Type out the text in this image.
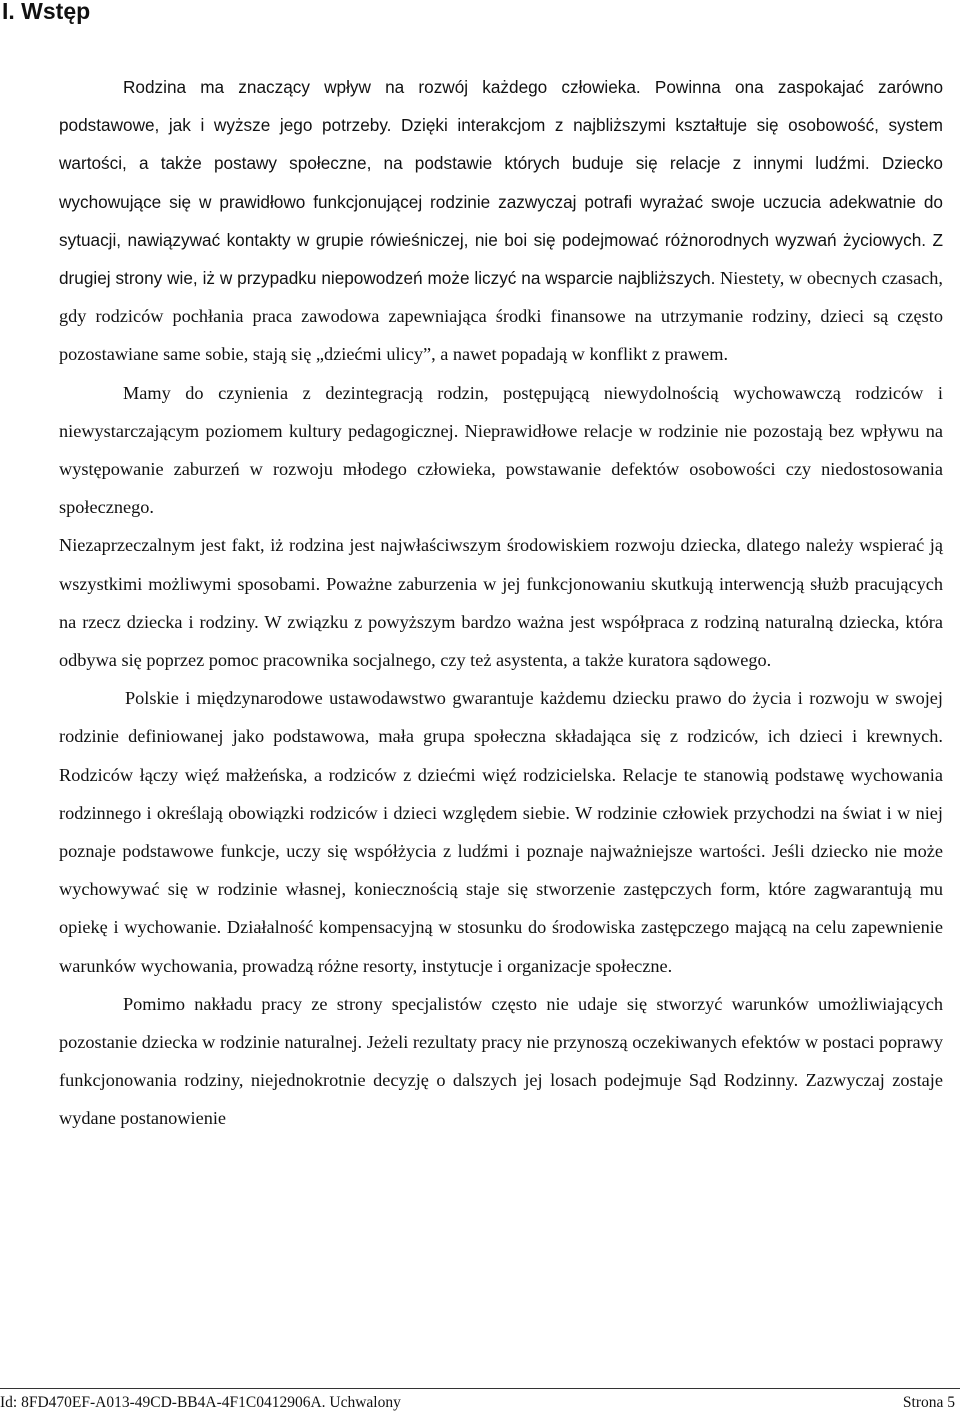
I. Wstęp

Rodzina ma znaczący wpływ na rozwój każdego człowieka. Powinna ona zaspokajać zarówno podstawowe, jak i wyższe jego potrzeby. Dzięki interakcjom z najbliższymi kształtuje się osobowość, system wartości, a także postawy społeczne, na podstawie których buduje się relacje z innymi ludźmi. Dziecko wychowujące się w prawidłowo funkcjonującej rodzinie zazwyczaj potrafi wyrażać swoje uczucia adekwatnie do sytuacji, nawiązywać kontakty w grupie rówieśniczej, nie boi się podejmować różnorodnych wyzwań życiowych. Z drugiej strony wie, iż w przypadku niepowodzeń może liczyć na wsparcie najbliższych. Niestety, w obecnych czasach, gdy rodziców pochłania praca zawodowa zapewniająca środki finansowe na utrzymanie rodziny, dzieci są często pozostawiane same sobie, stają się „dziećmi ulicy”, a nawet popadają w konflikt z prawem.

Mamy do czynienia z dezintegracją rodzin, postępującą niewydolnością wychowawczą rodziców i niewystarczającym poziomem kultury pedagogicznej. Nieprawidłowe relacje w rodzinie nie pozostają bez wpływu na występowanie zaburzeń w rozwoju młodego człowieka, powstawanie defektów osobowości czy niedostosowania społecznego.

Niezaprzeczalnym jest fakt, iż rodzina jest najwłaściwszym środowiskiem rozwoju dziecka, dlatego należy wspierać ją wszystkimi możliwymi sposobami. Poważne zaburzenia w jej funkcjonowaniu skutkują interwencją służb pracujących na rzecz dziecka i rodziny. W związku z powyższym bardzo ważna jest współpraca z rodziną naturalną dziecka, która odbywa się poprzez pomoc pracownika socjalnego, czy też asystenta, a także kuratora sądowego.

Polskie i międzynarodowe ustawodawstwo gwarantuje każdemu dziecku prawo do życia i rozwoju w swojej rodzinie definiowanej jako podstawowa, mała grupa społeczna składająca się z rodziców, ich dzieci i krewnych. Rodziców łączy więź małżeńska, a rodziców z dziećmi więź rodzicielska. Relacje te stanowią podstawę wychowania rodzinnego i określają obowiązki rodziców i dzieci względem siebie. W rodzinie człowiek przychodzi na świat i w niej poznaje podstawowe funkcje, uczy się współżycia z ludźmi i poznaje najważniejsze wartości. Jeśli dziecko nie może wychowywać się w rodzinie własnej, koniecznością staje się stworzenie zastępczych form, które zagwarantują mu opiekę i wychowanie. Działalność kompensacyjną w stosunku do środowiska zastępczego mającą na celu zapewnienie warunków wychowania, prowadzą różne resorty, instytucje i organizacje społeczne.

Pomimo nakładu pracy ze strony specjalistów często nie udaje się stworzyć warunków umożliwiających pozostanie dziecka w rodzinie naturalnej. Jeżeli rezultaty pracy nie przynoszą oczekiwanych efektów w postaci poprawy funkcjonowania rodziny, niejednokrotnie decyzję o dalszych jej losach podejmuje Sąd Rodzinny. Zazwyczaj zostaje wydane postanowienie

Id: 8FD470EF-A013-49CD-BB4A-4F1C0412906A. Uchwalony	Strona 5
